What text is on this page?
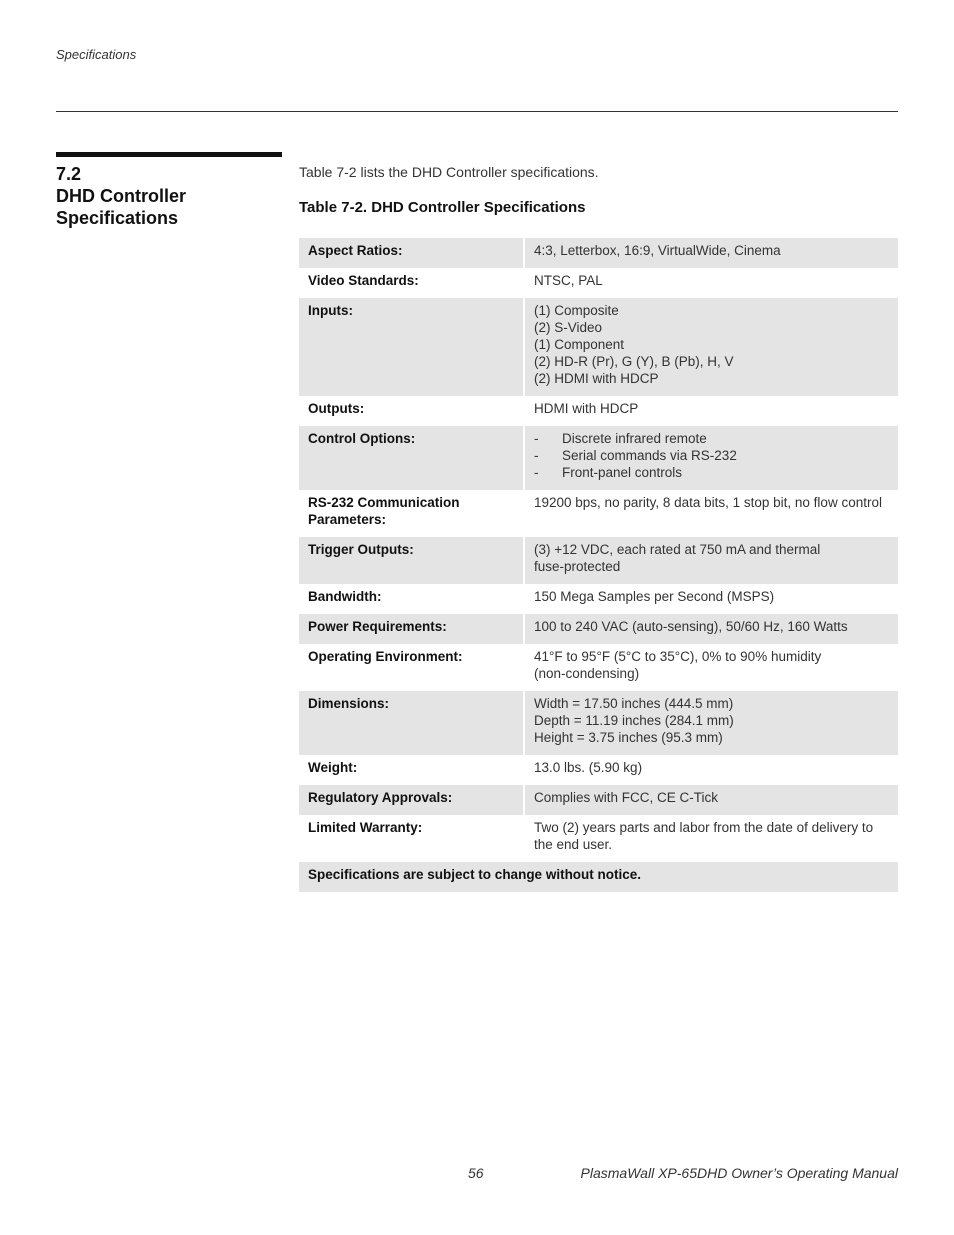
Specifications
7.2
DHD Controller
Specifications
Table 7-2 lists the DHD Controller specifications.
Table 7-2. DHD Controller Specifications
Aspect Ratios:	4:3, Letterbox, 16:9, VirtualWide, Cinema
Video Standards:	NTSC, PAL
Inputs:	(1) Composite
(2) S-Video
(1) Component
(2) HD-R (Pr), G (Y), B (Pb), H, V
(2) HDMI with HDCP

Outputs:	HDMI with HDCP
Control Options:	- Discrete infrared remote
- Serial commands via RS-232
- Front-panel controls

RS-232 Communication
Parameters:	19200 bps, no parity, 8 data bits, 1 stop bit, no flow control
Trigger Outputs:	(3) +12 VDC, each rated at 750 mA and thermal
fuse-protected

Bandwidth:	150 Mega Samples per Second (MSPS)
Power Requirements:	100 to 240 VAC (auto-sensing), 50/60 Hz, 160 Watts
Operating Environment:	41°F to 95°F (5°C to 35°C), 0% to 90% humidity
(non-condensing)

Dimensions:	Width = 17.50 inches (444.5 mm)
Depth = 11.19 inches (284.1 mm)
Height = 3.75 inches (95.3 mm)

Weight:	13.0 lbs. (5.90 kg)
Regulatory Approvals:	Complies with FCC, CE C-Tick
Limited Warranty:	Two (2) years parts and labor from the date of delivery to
the end user.

Specifications are subject to change without notice.	
56	PlasmaWall XP-65DHD Owner’s Operating Manual
